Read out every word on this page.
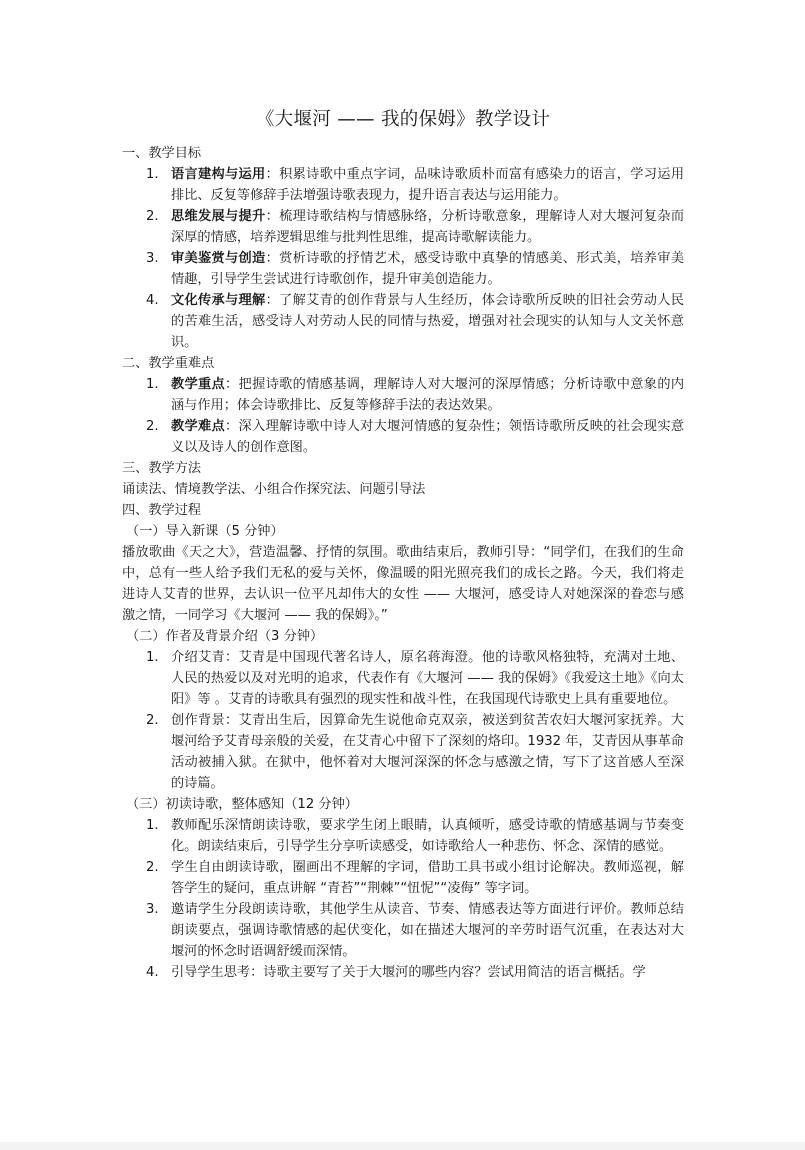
《大堰河 —— 我的保姆》教学设计
一、教学目标
1. 语言建构与运用：积累诗歌中重点字词，品味诗歌质朴而富有感染力的语言，学习运用排比、反复等修辞手法增强诗歌表现力，提升语言表达与运用能力。
2. 思维发展与提升：梳理诗歌结构与情感脉络，分析诗歌意象，理解诗人对大堰河复杂而深厚的情感，培养逻辑思维与批判性思维，提高诗歌解读能力。
3. 审美鉴赏与创造：赏析诗歌的抒情艺术，感受诗歌中真挚的情感美、形式美，培养审美情趣，引导学生尝试进行诗歌创作，提升审美创造能力。
4. 文化传承与理解：了解艾青的创作背景与人生经历，体会诗歌所反映的旧社会劳动人民的苦难生活，感受诗人对劳动人民的同情与热爱，增强对社会现实的认知与人文关怀意识。
二、教学重难点
1. 教学重点：把握诗歌的情感基调，理解诗人对大堰河的深厚情感；分析诗歌中意象的内涵与作用；体会诗歌排比、反复等修辞手法的表达效果。
2. 教学难点：深入理解诗歌中诗人对大堰河情感的复杂性；领悟诗歌所反映的社会现实意义以及诗人的创作意图。
三、教学方法
诵读法、情境教学法、小组合作探究法、问题引导法
四、教学过程
（一）导入新课（5 分钟）
播放歌曲《天之大》，营造温馨、抒情的氛围。歌曲结束后，教师引导：“同学们，在我们的生命中，总有一些人给予我们无私的爱与关怀，像温暖的阳光照亮我们的成长之路。今天，我们将走进诗人艾青的世界，去认识一位平凡却伟大的女性 —— 大堰河，感受诗人对她深深的眷恋与感激之情，一同学习《大堰河 —— 我的保姆》。”
（二）作者及背景介绍（3 分钟）
1. 介绍艾青：艾青是中国现代著名诗人，原名蒋海澄。他的诗歌风格独特，充满对土地、人民的热爱以及对光明的追求，代表作有《大堰河 —— 我的保姆》《我爱这土地》《向太阳》等 。艾青的诗歌具有强烈的现实性和战斗性，在我国现代诗歌史上具有重要地位。
2. 创作背景：艾青出生后，因算命先生说他命克双亲，被送到贫苦农妇大堰河家抚养。大堰河给予艾青母亲般的关爱，在艾青心中留下了深刻的烙印。1932 年，艾青因从事革命活动被捕入狱。在狱中，他怀着对大堰河深深的怀念与感激之情，写下了这首感人至深的诗篇。
（三）初读诗歌，整体感知（12 分钟）
1. 教师配乐深情朗读诗歌，要求学生闭上眼睛，认真倾听，感受诗歌的情感基调与节奏变化。朗读结束后，引导学生分享听读感受，如诗歌给人一种悲伤、怀念、深情的感觉。
2. 学生自由朗读诗歌，圈画出不理解的字词，借助工具书或小组讨论解决。教师巡视，解答学生的疑问，重点讲解 “青苔”“荆棘”“忸怩”“凌侮” 等字词。
3. 邀请学生分段朗读诗歌，其他学生从读音、节奏、情感表达等方面进行评价。教师总结朗读要点，强调诗歌情感的起伏变化，如在描述大堰河的辛劳时语气沉重，在表达对大堰河的怀念时语调舒缓而深情。
4. 引导学生思考：诗歌主要写了关于大堰河的哪些内容？尝试用简洁的语言概括。学
